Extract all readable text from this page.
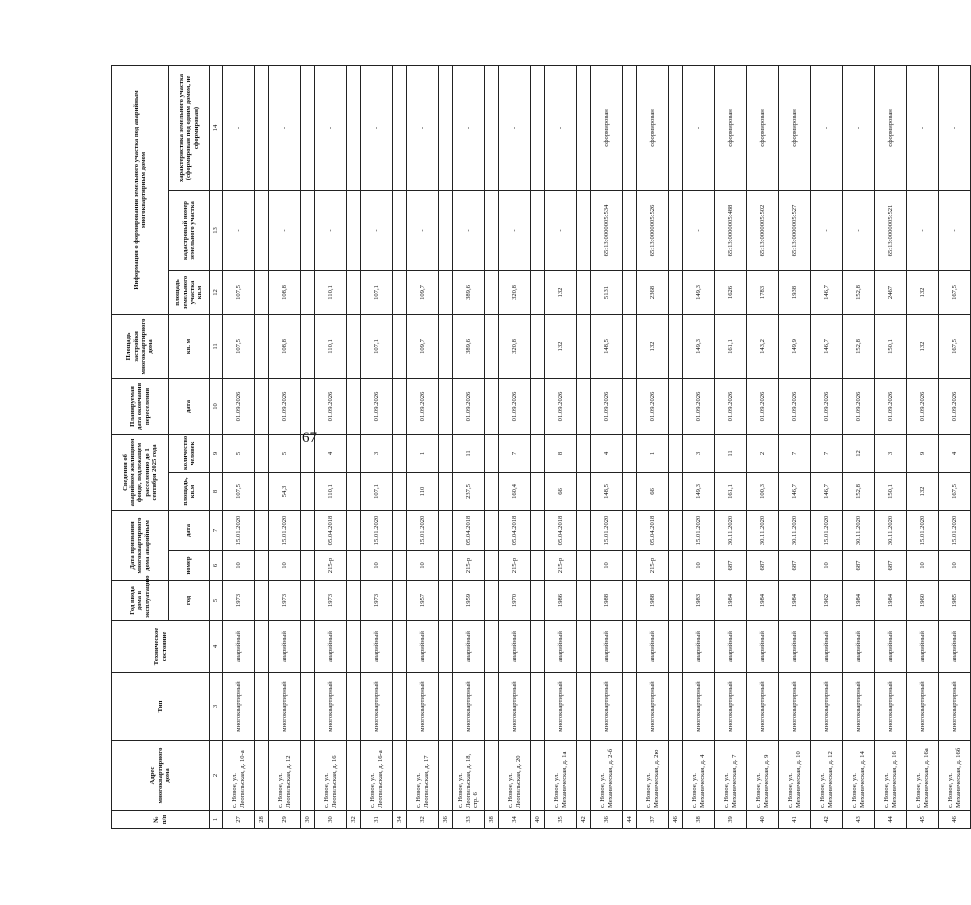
67
№ п/п	Адрес многоквартирного дома	Тип	Техническое состояние	Год ввода дома в эксплуатацию	Дата признания многоквартирного дома аварийным		Сведения об аварийном жилищном фонде, подлежащем расселению до 1 сентября 2025 года		Планируемая дата окончания переселения	Площадь застройки многоквартирного дома	Информация о формировании земельного участка под аварийным многоквартирным домом		
				год	номер	дата	площадь, кв.м	количество человек	дата	кв. м	площадь земельного участка
кв.м	кадастровый номер земельного участка	характеристика земельного участка (сформирован под одним домом, не сформирован)
1	2	3	4	5	6	7	8	9	10	11	12	13	14
27	с. Новое, ул. Леопильская, д. 10-а	многоквартирный	аварийный	1973	10	15.01.2020	107,5	5	01.09.2026	107,5	107,5	-	-
28													
29	с. Новое, ул. Леопильская, д. 12	многоквартирный	аварийный	1973	10	15.01.2020	54,3	5	01.09.2026	108,8	108,8	-	-
30													
30	с. Новое, ул. Леопильская, д. 16	многоквартирный	аварийный	1973	215-р	05.04.2018	110,1	4	01.09.2026	110,1	110,1	-	-
32													
31	с. Новое, ул. Леопильская, д. 16-а	многоквартирный	аварийный	1973	10	15.01.2020	107,1	3	01.09.2026	107,1	107,1	-	-
34													
32	с. Новое, ул. Леопильская, д. 17	многоквартирный	аварийный	1957	10	15.01.2020	110	1	01.09.2026	109,7	109,7	-	-
36													
33	с. Новое, ул. Леопильская, д. 18, стр. 6	многоквартирный	аварийный	1959	215-р	05.04.2018	237,5	11	01.09.2026	389,6	389,6	-	-
38													
34	с. Новое, ул. Леопильская, д. 20	многоквартирный	аварийный	1970	215-р	05.04.2018	160,4	7	01.09.2026	320,8	320,8	-	-
40													
35	с. Новое, ул. Механическая, д. 1а	многоквартирный	аварийный	1986	215-р	05.04.2018	66	8	01.09.2026	132	132	-	-
42													
36	с. Новое, ул. Механическая, д. 2-б	многоквартирный	аварийный	1988	10	15.01.2020	148,5	4	01.09.2026	148,5	5131	65:13:0000005:534	сформирован
44													
37	с. Новое, ул. Механическая, д. 2ю	многоквартирный	аварийный	1988	215-р	05.04.2018	66	1	01.09.2026	132	2368	65:13:0000005:526	сформирован
46													
38	с. Новое, ул. Механическая, д. 4	многоквартирный	аварийный	1983	10	15.01.2020	149,3	3	01.09.2026	149,3	149,3	-	-
39	с. Новое, ул. Механическая, д. 7	многоквартирный	аварийный	1984	687	30.11.2020	161,1	11	01.09.2026	161,1	1626	65:13:0000005:488	сформирован
40	с. Новое, ул. Механическая, д. 9	многоквартирный	аварийный	1984	687	30.11.2020	100,3	2	01.09.2026	143,2	1783	65:13:0000005:502	сформирован
41	с. Новое, ул. Механическая, д. 10	многоквартирный	аварийный	1984	687	30.11.2020	146,7	7	01.09.2026	149,9	1938	65:13:0000005:527	сформирован
42	с. Новое, ул. Механическая, д. 12	многоквартирный	аварийный	1962	10	15.01.2020	146,7	7	01.09.2026	146,7	146,7	-	-
43	с. Новое, ул. Механическая, д. 14	многоквартирный	аварийный	1984	687	30.11.2020	152,8	12	01.09.2026	152,8	152,8	-	-
44	с. Новое, ул. Механическая, д. 16	многоквартирный	аварийный	1984	687	30.11.2020	150,1	3	01.09.2026	150,1	2467	65:13:0000005:521	сформирован
45	с. Новое, ул. Механическая, д. 16а	многоквартирный	аварийный	1960	10	15.01.2020	132	9	01.09.2026	132	132	-	-
46	с. Новое, ул. Механическая, д. 16б	многоквартирный	аварийный	1985	10	15.01.2020	167,5	4	01.09.2026	167,5	167,5	-	-
